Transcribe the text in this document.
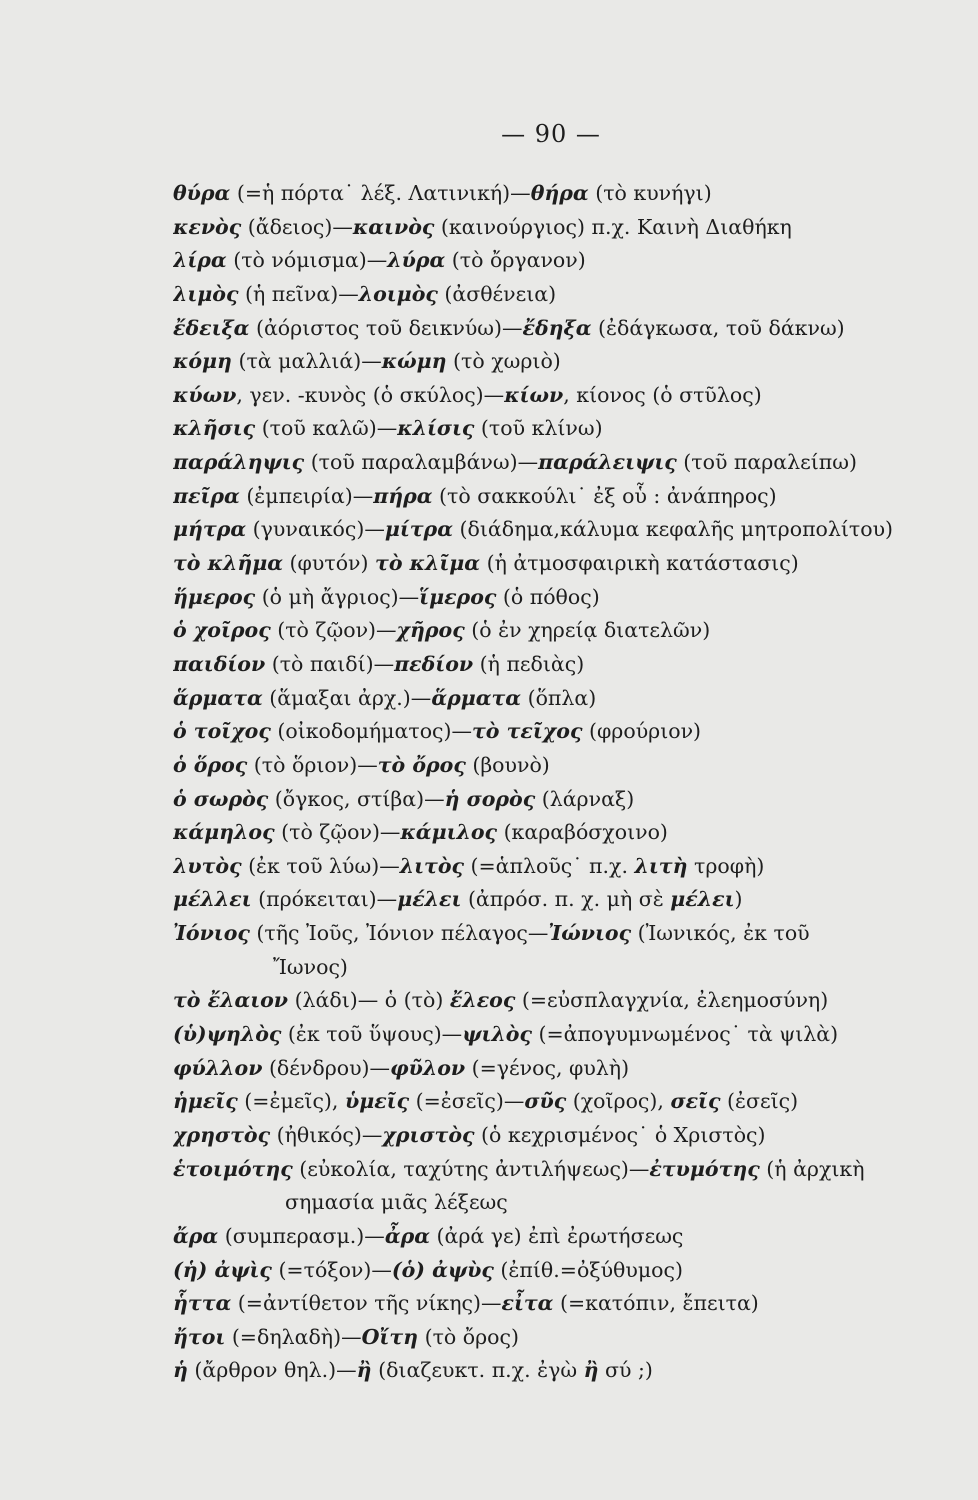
— 90 —
θύρα (=ἡ πόρτα˙ λέξ. Λατινική)—θήρα (τὸ κυνήγι)
κενὸς (ἄδειος)—καινὸς (καινούργιος) π.χ. Καινὴ Διαθήκη
λίρα (τὸ νόμισμα)—λύρα (τὸ ὄργανον)
λιμὸς (ἡ πεῖνα)—λοιμὸς (ἀσθένεια)
ἔδειξα (ἀόριστος τοῦ δεικνύω)—ἔδηξα (ἐδάγκωσα, τοῦ δάκνω)
κόμη (τὰ μαλλιά)—κώμη (τὸ χωριὸ)
κύων, γεν. -κυνὸς (ὁ σκύλος)—κίων, κίονος (ὁ στῦλος)
κλῆσις (τοῦ καλῶ)—κλίσις (τοῦ κλίνω)
παράληψις (τοῦ παραλαμβάνω)—παράλειψις (τοῦ παραλείπω)
πεῖρα (ἐμπειρία)—πήρα (τὸ σακκούλι˙ ἐξ οὗ : ἀνάπηρος)
μήτρα (γυναικός)—μίτρα (διάδημα,κάλυμα κεφαλῆς μητροπολίτου)
τὸ κλῆμα (φυτόν) τὸ κλῖμα (ἡ ἀτμοσφαιρικὴ κατάστασις)
ἥμερος (ὁ μὴ ἄγριος)—ἵμερος (ὁ πόθος)
ὁ χοῖρος (τὸ ζῷον)—χῆρος (ὁ ἐν χηρείᾳ διατελῶν)
παιδίον (τὸ παιδί)—πεδίον (ἡ πεδιὰς)
ἅρματα (ἅμαξαι ἀρχ.)—ἅρματα (ὅπλα)
ὁ τοῖχος (οἰκοδομήματος)—τὸ τεῖχος (φρούριον)
ὁ ὅρος (τὸ ὅριον)—τὸ ὄρος (βουνὸ)
ὁ σωρὸς (ὄγκος, στίβα)—ἡ σορὸς (λάρναξ)
κάμηλος (τὸ ζῷον)—κάμιλος (καραβόσχοινο)
λυτὸς (ἐκ τοῦ λύω)—λιτὸς (=ἁπλοῦς˙ π.χ. λιτὴ τροφὴ)
μέλλει (πρόκειται)—μέλει (ἀπρόσ. π. χ. μὴ σὲ μέλει)
Ἰόνιος (τῆς Ἰοῦς, Ἰόνιον πέλαγος—Ἰώνιος (Ἰωνικός, ἐκ τοῦ
Ἴωνος)
τὸ ἔλαιον (λάδι)— ὁ (τὸ) ἔλεος (=εὐσπλαγχνία, ἐλεημοσύνη)
(ὑ)ψηλὸς (ἐκ τοῦ ὕψους)—ψιλὸς (=ἀπογυμνωμένος˙ τὰ ψιλὰ)
φύλλον (δένδρου)—φῦλον (=γένος, φυλὴ)
ἡμεῖς (=ἐμεῖς), ὑμεῖς (=ἐσεῖς)—σῦς (χοῖρος), σεῖς (ἐσεῖς)
χρηστὸς (ἠθικός)—χριστὸς (ὁ κεχρισμένος˙ ὁ Χριστὸς)
ἑτοιμότης (εὐκολία, ταχύτης ἀντιλήψεως)—ἐτυμότης (ἡ ἀρχικὴ
σημασία μιᾶς λέξεως
ἄρα (συμπερασμ.)—ἆρα (ἀρά γε) ἐπὶ ἐρωτήσεως
(ἡ) ἀψὶς (=τόξον)—(ὁ) ἀψὺς (ἐπίθ.=ὀξύθυμος)
ἧττα (=ἀντίθετον τῆς νίκης)—εἶτα (=κατόπιν, ἔπειτα)
ἤτοι (=δηλαδὴ)—Οἴτη (τὸ ὄρος)
ἡ (ἄρθρον θηλ.)—ἢ (διαζευκτ. π.χ. ἐγὼ ἢ σύ ;)
